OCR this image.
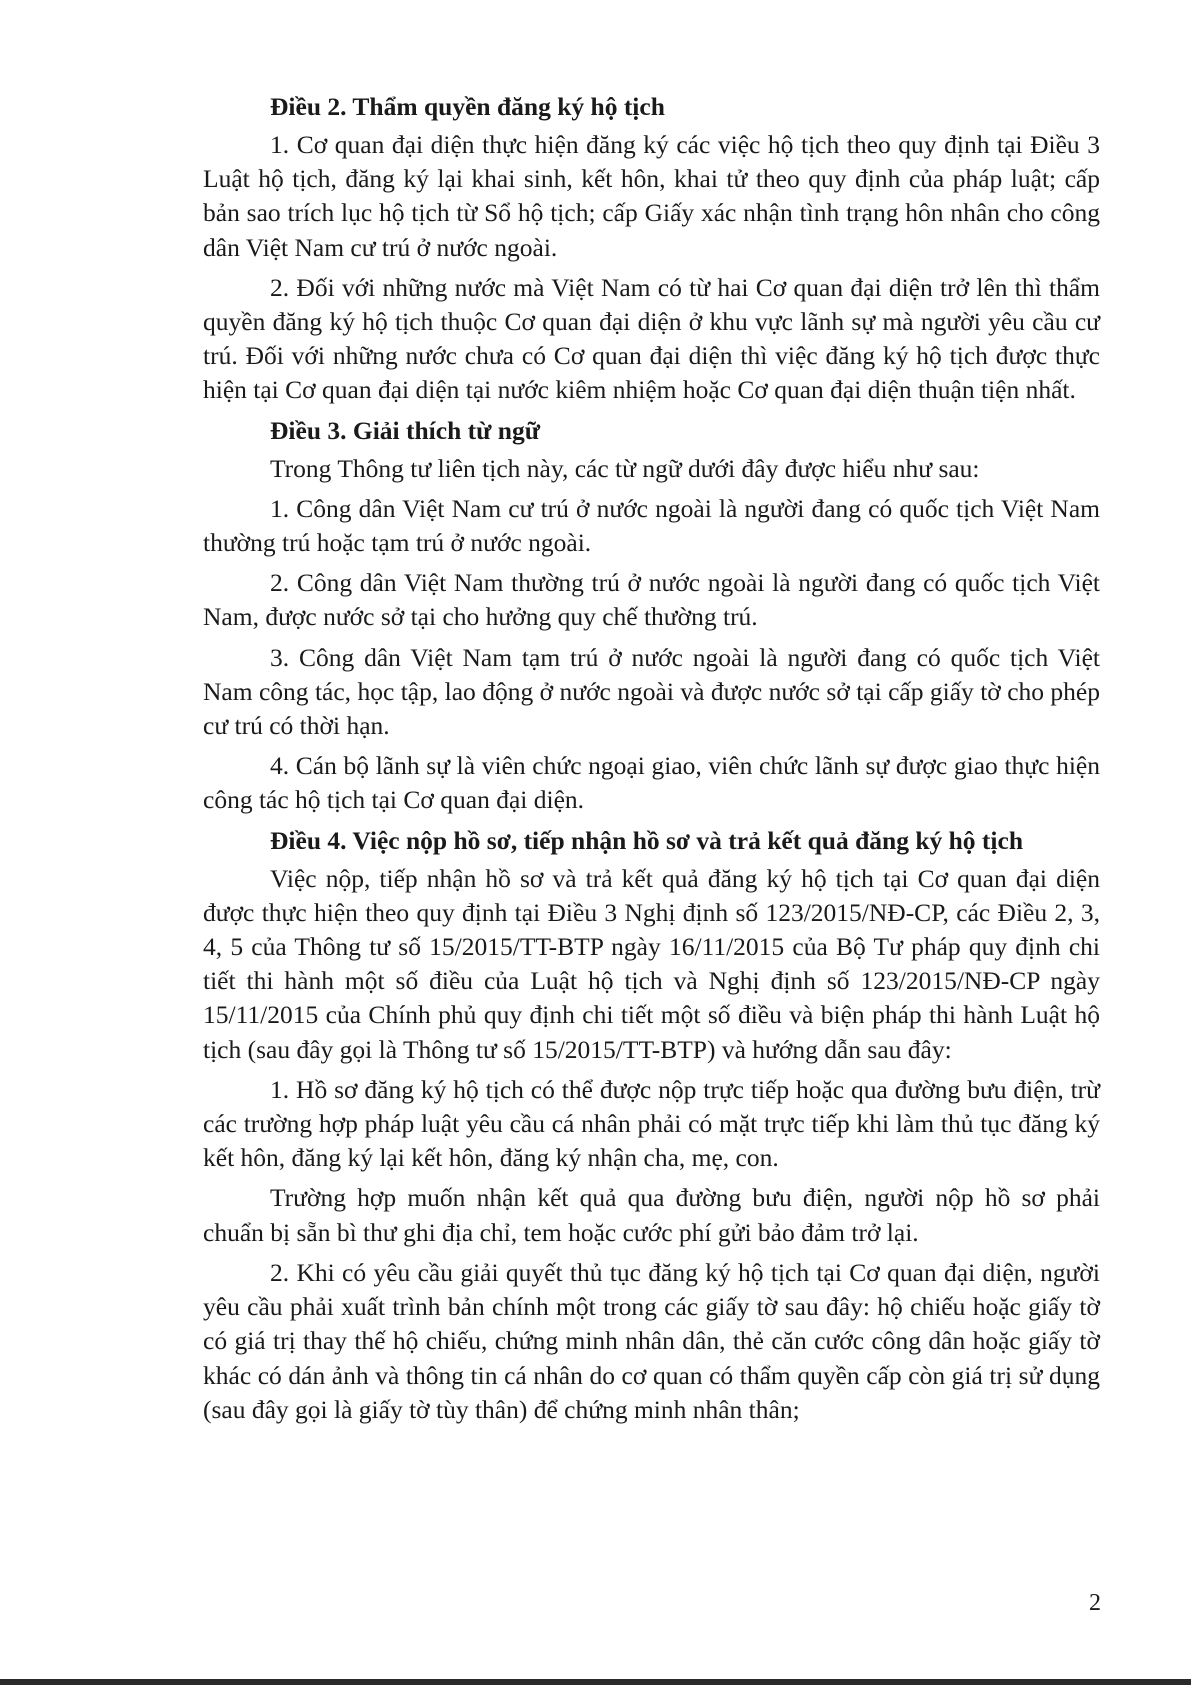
Điều 2. Thẩm quyền đăng ký hộ tịch
1. Cơ quan đại diện thực hiện đăng ký các việc hộ tịch theo quy định tại Điều 3 Luật hộ tịch, đăng ký lại khai sinh, kết hôn, khai tử theo quy định của pháp luật; cấp bản sao trích lục hộ tịch từ Sổ hộ tịch; cấp Giấy xác nhận tình trạng hôn nhân cho công dân Việt Nam cư trú ở nước ngoài.
2. Đối với những nước mà Việt Nam có từ hai Cơ quan đại diện trở lên thì thẩm quyền đăng ký hộ tịch thuộc Cơ quan đại diện ở khu vực lãnh sự mà người yêu cầu cư trú. Đối với những nước chưa có Cơ quan đại diện thì việc đăng ký hộ tịch được thực hiện tại Cơ quan đại diện tại nước kiêm nhiệm hoặc Cơ quan đại diện thuận tiện nhất.
Điều 3. Giải thích từ ngữ
Trong Thông tư liên tịch này, các từ ngữ dưới đây được hiểu như sau:
1. Công dân Việt Nam cư trú ở nước ngoài là người đang có quốc tịch Việt Nam thường trú hoặc tạm trú ở nước ngoài.
2. Công dân Việt Nam thường trú ở nước ngoài là người đang có quốc tịch Việt Nam, được nước sở tại cho hưởng quy chế thường trú.
3. Công dân Việt Nam tạm trú ở nước ngoài là người đang có quốc tịch Việt Nam công tác, học tập, lao động ở nước ngoài và được nước sở tại cấp giấy tờ cho phép cư trú có thời hạn.
4. Cán bộ lãnh sự là viên chức ngoại giao, viên chức lãnh sự được giao thực hiện công tác hộ tịch tại Cơ quan đại diện.
Điều 4. Việc nộp hồ sơ, tiếp nhận hồ sơ và trả kết quả đăng ký hộ tịch
Việc nộp, tiếp nhận hồ sơ và trả kết quả đăng ký hộ tịch tại Cơ quan đại diện được thực hiện theo quy định tại Điều 3 Nghị định số 123/2015/NĐ-CP, các Điều 2, 3, 4, 5 của Thông tư số 15/2015/TT-BTP ngày 16/11/2015 của Bộ Tư pháp quy định chi tiết thi hành một số điều của Luật hộ tịch và Nghị định số 123/2015/NĐ-CP ngày 15/11/2015 của Chính phủ quy định chi tiết một số điều và biện pháp thi hành Luật hộ tịch (sau đây gọi là Thông tư số 15/2015/TT-BTP) và hướng dẫn sau đây:
1. Hồ sơ đăng ký hộ tịch có thể được nộp trực tiếp hoặc qua đường bưu điện, trừ các trường hợp pháp luật yêu cầu cá nhân phải có mặt trực tiếp khi làm thủ tục đăng ký kết hôn, đăng ký lại kết hôn, đăng ký nhận cha, mẹ, con.
Trường hợp muốn nhận kết quả qua đường bưu điện, người nộp hồ sơ phải chuẩn bị sẵn bì thư ghi địa chỉ, tem hoặc cước phí gửi bảo đảm trở lại.
2. Khi có yêu cầu giải quyết thủ tục đăng ký hộ tịch tại Cơ quan đại diện, người yêu cầu phải xuất trình bản chính một trong các giấy tờ sau đây: hộ chiếu hoặc giấy tờ có giá trị thay thế hộ chiếu, chứng minh nhân dân, thẻ căn cước công dân hoặc giấy tờ khác có dán ảnh và thông tin cá nhân do cơ quan có thẩm quyền cấp còn giá trị sử dụng (sau đây gọi là giấy tờ tùy thân) để chứng minh nhân thân;
2
